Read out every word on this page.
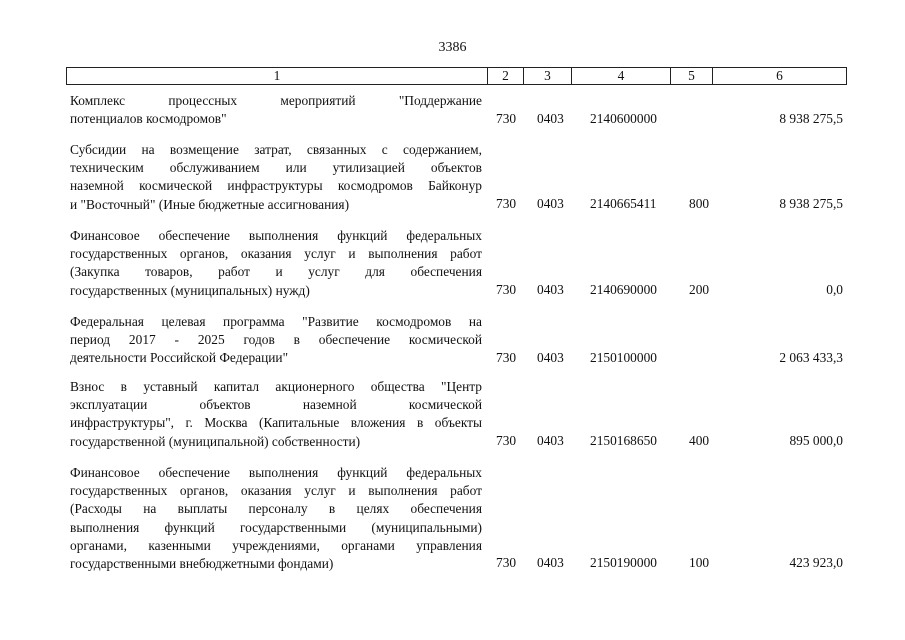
3386
1	2	3	4	5	6
Комплекс процессных мероприятий "Поддержание
потенциалов космодромов"	730 0403 2140600000	8 938 275,5
Субсидии на возмещение затрат, связанных с содержанием,
техническим обслуживанием или утилизацией объектов
наземной космической инфраструктуры космодромов Байконур
и "Восточный" (Иные бюджетные ассигнования)	730 0403 2140665411 800	8 938 275,5
Финансовое обеспечение выполнения функций федеральных
государственных органов, оказания услуг и выполнения работ
(Закупка товаров, работ и услуг для обеспечения
государственных (муниципальных) нужд)	730 0403 2140690000 200	0,0
Федеральная целевая программа "Развитие космодромов на
период 2017 - 2025 годов в обеспечение космической
деятельности Российской Федерации"	730 0403 2150100000	2 063 433,3
Взнос в уставный капитал акционерного общества "Центр
эксплуатации объектов наземной космической
инфраструктуры", г. Москва (Капитальные вложения в объекты
государственной (муниципальной) собственности)	730 0403 2150168650 400	895 000,0
Финансовое обеспечение выполнения функций федеральных
государственных органов, оказания услуг и выполнения работ
(Расходы на выплаты персоналу в целях обеспечения
выполнения функций государственными (муниципальными)
органами, казенными учреждениями, органами управления
государственными внебюджетными фондами)	730 0403 2150190000 100	423 923,0
